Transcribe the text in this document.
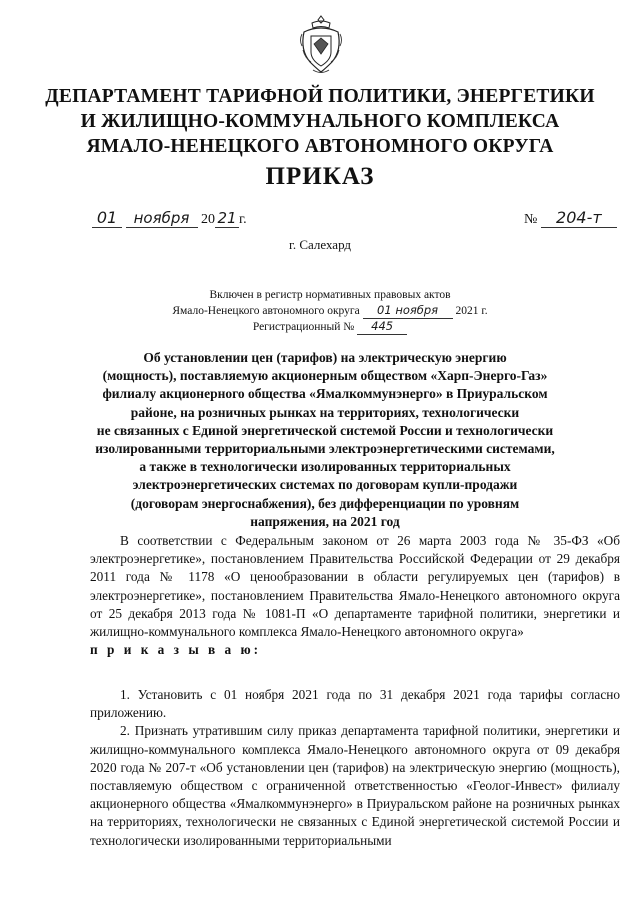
ДЕПАРТАМЕНТ ТАРИФНОЙ ПОЛИТИКИ, ЭНЕРГЕТИКИ
И ЖИЛИЩНО-КОММУНАЛЬНОГО КОМПЛЕКСА
ЯМАЛО-НЕНЕЦКОГО АВТОНОМНОГО ОКРУГА
ПРИКАЗ
01 ноября 20 21 г.	№ 204-т
г. Салехард
Включен в регистр нормативных правовых актов
Ямало-Ненецкого автономного округа 01 ноября 2021 г.
Регистрационный № 445
Об установлении цен (тарифов) на электрическую энергию
(мощность), поставляемую акционерным обществом «Харп-Энерго-Газ»
филиалу акционерного общества «Ямалкоммунэнерго» в Приуральском
районе, на розничных рынках на территориях, технологически
не связанных с Единой энергетической системой России и технологически
изолированными территориальными электроэнергетическими системами,
а также в технологически изолированных территориальных
электроэнергетических системах по договорам купли-продажи
(договорам энергоснабжения), без дифференциации по уровням
напряжения, на 2021 год

В соответствии с Федеральным законом от 26 марта 2003 года № 35-ФЗ «Об электроэнергетике», постановлением Правительства Российской Федерации от 29 декабря 2011 года № 1178 «О ценообразовании в области регулируемых цен (тарифов) в электроэнергетике», постановлением Правительства Ямало-Ненецкого автономного округа от 25 декабря 2013 года № 1081-П «О департаменте тарифной политики, энергетики и жилищно-коммунального комплекса Ямало-Ненецкого автономного округа»

п р и к а з ы в а ю:

1. Установить с 01 ноября 2021 года по 31 декабря 2021 года тарифы согласно приложению.

2. Признать утратившим силу приказ департамента тарифной политики, энергетики и жилищно-коммунального комплекса Ямало-Ненецкого автономного округа от 09 декабря 2020 года № 207-т «Об установлении цен (тарифов) на электрическую энергию (мощность), поставляемую обществом с ограниченной ответственностью «Геолог-Инвест» филиалу акционерного общества «Ямалкоммунэнерго» в Приуральском районе на розничных рынках на территориях, технологически не связанных с Единой энергетической системой России и технологически изолированными территориальными
